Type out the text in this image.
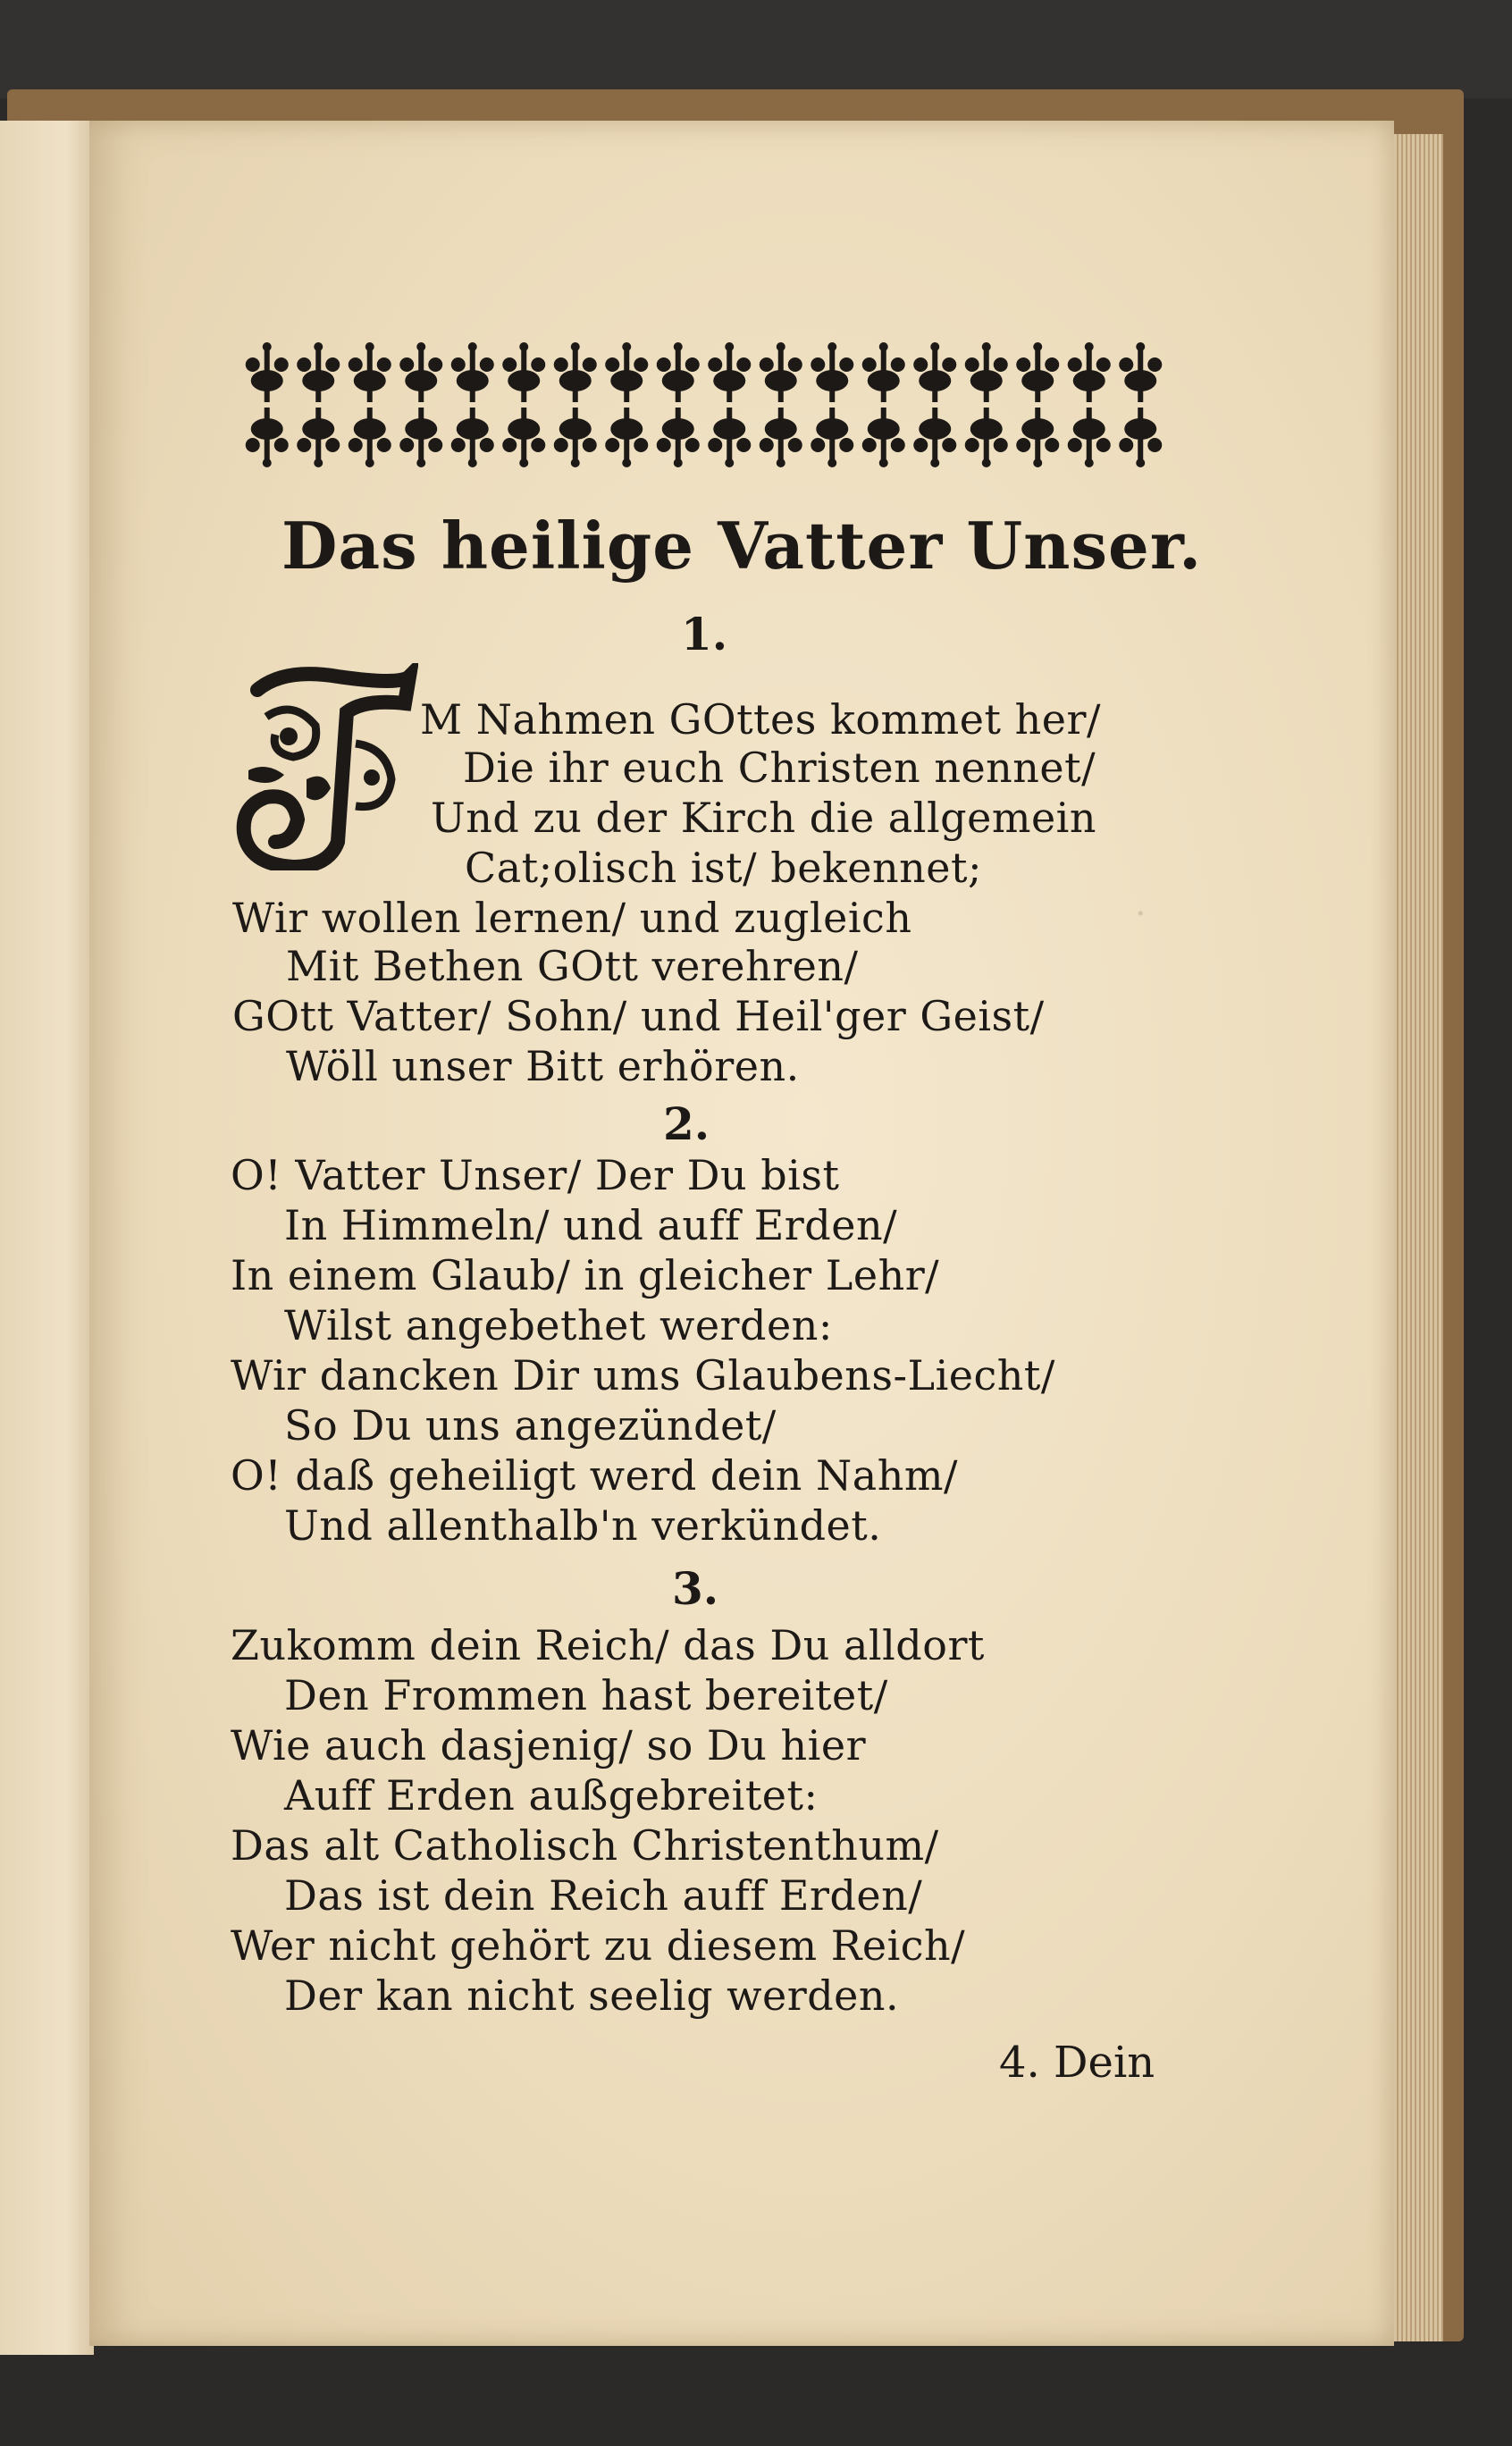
·
Das heilige Vatter Unser.
1.
M Nahmen GOttes kommet her/
Die ihr euch Christen nennet/
Und zu der Kirch die allgemein
Cat;olisch ist/ bekennet;
Wir wollen lernen/ und zugleich
Mit Bethen GOtt verehren/
GOtt Vatter/ Sohn/ und Heil'ger Geist/
Wöll unser Bitt erhören.
2.
O! Vatter Unser/ Der Du bist
In Himmeln/ und auff Erden/
In einem Glaub/ in gleicher Lehr/
Wilst angebethet werden:
Wir dancken Dir ums Glaubens-Liecht/
So Du uns angezündet/
O! daß geheiligt werd dein Nahm/
Und allenthalb'n verkündet.
3.
Zukomm dein Reich/ das Du alldort
Den Frommen hast bereitet/
Wie auch dasjenig/ so Du hier
Auff Erden außgebreitet:
Das alt Catholisch Christenthum/
Das ist dein Reich auff Erden/
Wer nicht gehört zu diesem Reich/
Der kan nicht seelig werden.
4. Dein
